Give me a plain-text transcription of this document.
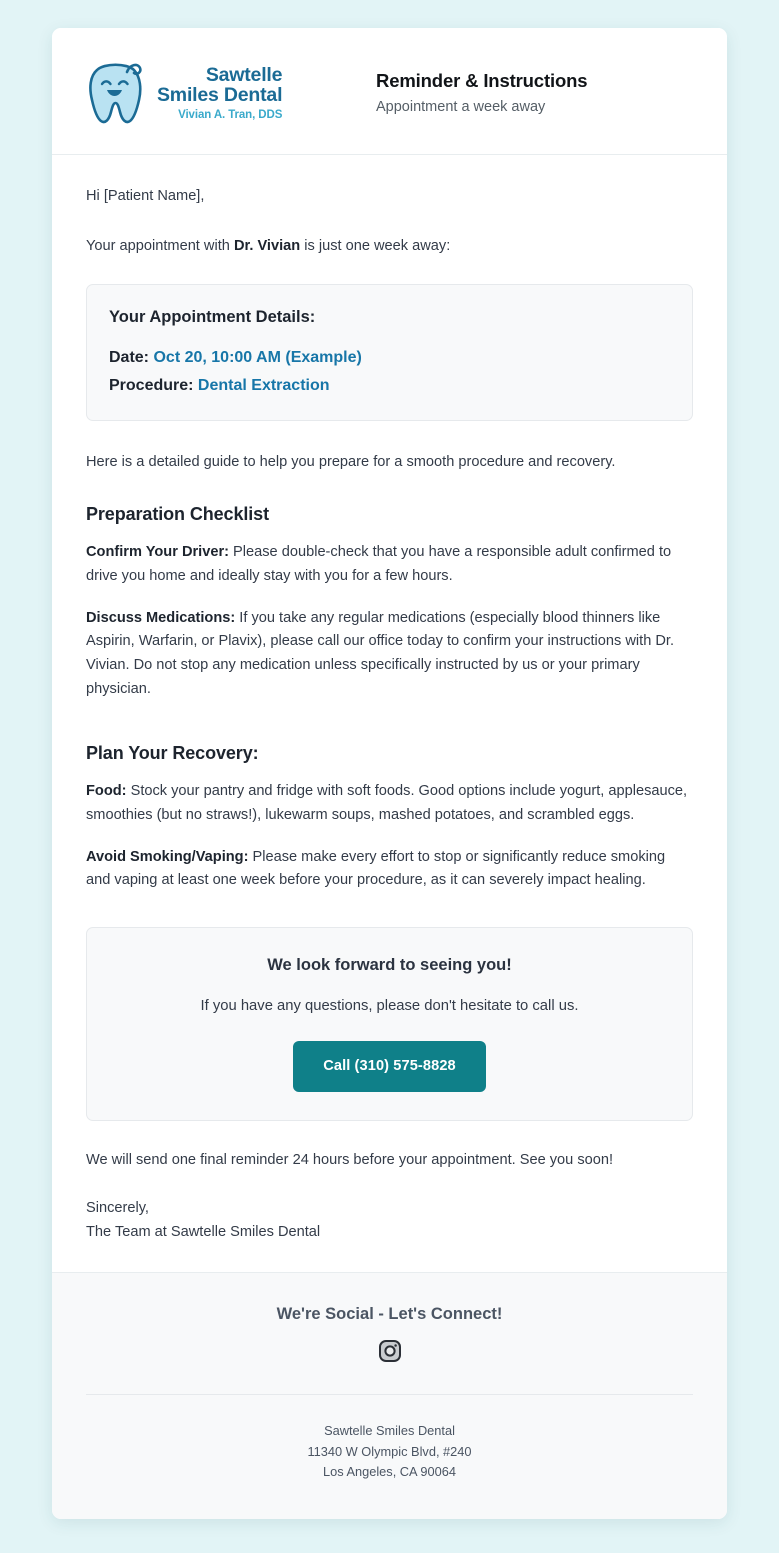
Sawtelle
Smiles Dental
Vivian A. Tran, DDS
Reminder & Instructions

Appointment a week away

Hi [Patient Name],

Your appointment with Dr. Vivian is just one week away:

Your Appointment Details:

Date: Oct 20, 10:00 AM (Example)

Procedure: Dental Extraction

Here is a detailed guide to help you prepare for a smooth procedure and recovery.

Preparation Checklist

Confirm Your Driver: Please double-check that you have a responsible adult confirmed to drive you home and ideally stay with you for a few hours.

Discuss Medications: If you take any regular medications (especially blood thinners like Aspirin, Warfarin, or Plavix), please call our office today to confirm your instructions with Dr. Vivian. Do not stop any medication unless specifically instructed by us or your primary physician.

Plan Your Recovery:

Food: Stock your pantry and fridge with soft foods. Good options include yogurt, applesauce, smoothies (but no straws!), lukewarm soups, mashed potatoes, and scrambled eggs.

Avoid Smoking/Vaping: Please make every effort to stop or significantly reduce smoking and vaping at least one week before your procedure, as it can severely impact healing.

We look forward to seeing you!

If you have any questions, please don't hesitate to call us.

Call (310) 575-8828

We will send one final reminder 24 hours before your appointment. See you soon!

Sincerely,
The Team at Sawtelle Smiles Dental

We're Social - Let's Connect!

Sawtelle Smiles Dental
11340 W Olympic Blvd, #240
Los Angeles, CA 90064
